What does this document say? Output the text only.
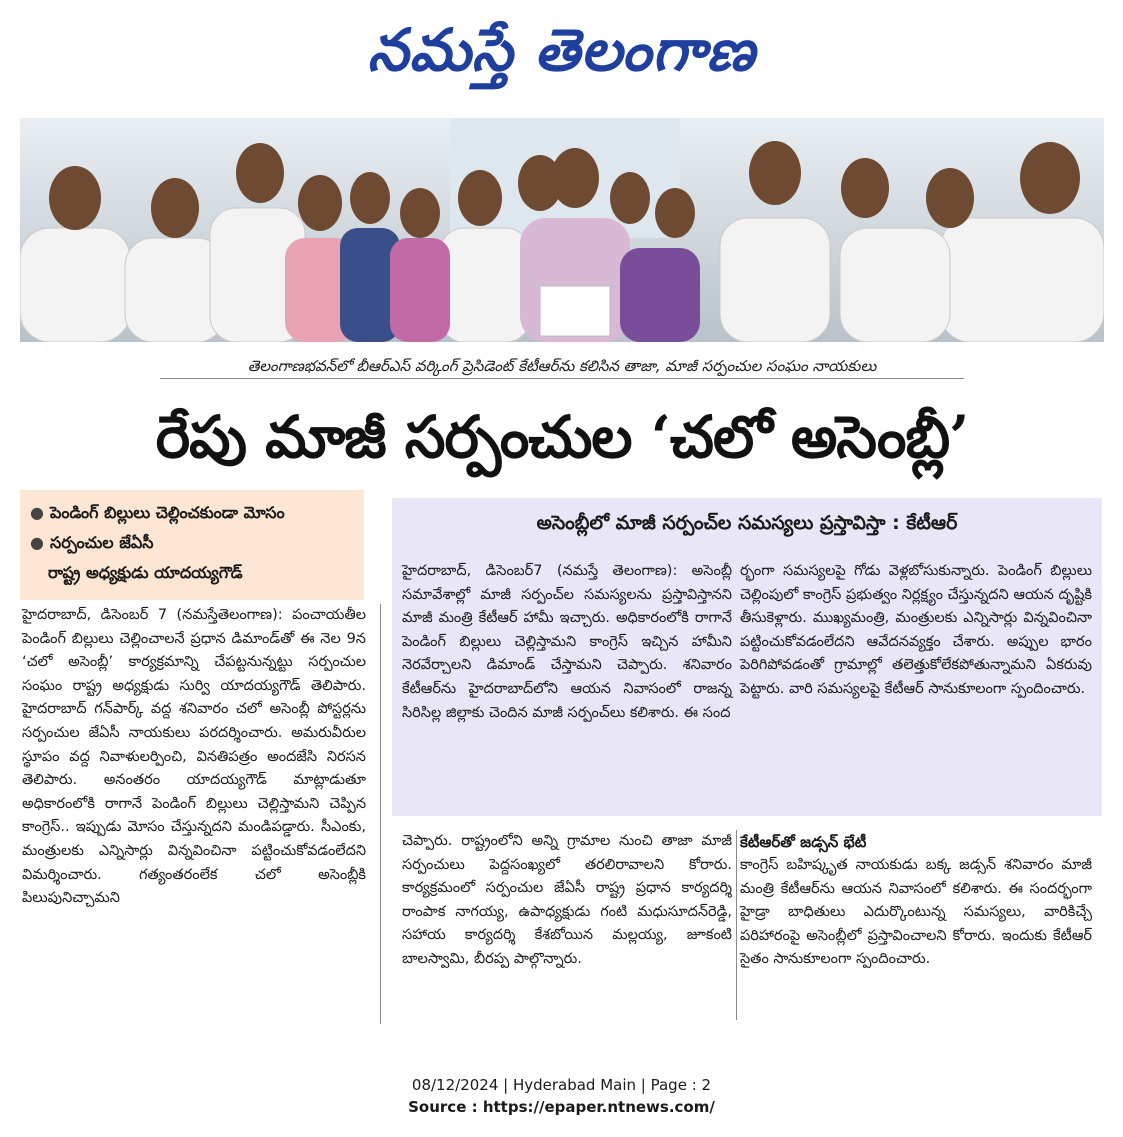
నమస్తే తెలంగాణ
తెలంగాణభవన్‌లో బీఆర్‌ఎస్ వర్కింగ్ ప్రెసిడెంట్ కేటీఆర్‌ను కలిసిన తాజా, మాజీ సర్పంచుల సంఘం నాయకులు
రేపు మాజీ సర్పంచుల ‘చలో అసెంబ్లీ’
● పెండింగ్ బిల్లులు చెల్లించకుండా మోసం
● సర్పంచుల జేఏసీ
రాష్ట్ర అధ్యక్షుడు యాదయ్యగౌడ్
అసెంబ్లీలో మాజీ సర్పంచ్‌ల సమస్యలు ప్రస్తావిస్తా : కేటీఆర్

హైదరాబాద్, డిసెంబర్ 7 (నమస్తేతెలంగాణ): పంచాయతీల పెండింగ్ బిల్లులు చెల్లించాలనే ప్రధాన డిమాండ్‌తో ఈ నెల 9న ‘చలో అసెంబ్లీ’ కార్యక్రమాన్ని చేపట్టనున్నట్టు సర్పంచుల సంఘం రాష్ట్ర అధ్యక్షుడు సుర్వి యాదయ్యగౌడ్ తెలిపారు. హైదరాబాద్ గన్‌పార్క్ వద్ద శనివారం చలో అసెంబ్లీ పోస్టర్లను సర్పంచుల జేఏసీ నాయకులు పరదర్శించారు. అమరువీరుల స్థూపం వద్ద నివాళులర్పించి, వినతిపత్రం అందజేసి నిరసన తెలిపారు. అనంతరం యాదయ్యగౌడ్ మాట్లాడుతూ అధికారంలోకి రాగానే పెండింగ్ బిల్లులు చెల్లిస్తామని చెప్పిన కాంగ్రెస్.. ఇప్పుడు మోసం చేస్తున్నదని మండిపడ్డారు. సీఎంకు, మంత్రులకు ఎన్నిసార్లు విన్నవించినా పట్టించుకోవడంలేదని విమర్శించారు. గత్యంతరంలేక చలో అసెంబ్లీకి పిలుపునిచ్చామని

హైదరాబాద్, డిసెంబర్7 (నమస్తే తెలంగాణ): అసెంబ్లీ సమావేశాల్లో మాజీ సర్పంచ్‌ల సమస్యలను ప్రస్తావిస్తానని మాజీ మంత్రి కేటీఆర్ హామీ ఇచ్చారు. అధికారంలోకి రాగానే పెండింగ్ బిల్లులు చెల్లిస్తామని కాంగ్రెస్ ఇచ్చిన హామీని నెరవేర్చాలని డిమాండ్ చేస్తామని చెప్పారు. శనివారం కేటీఆర్‌ను హైదరాబాద్‌లోని ఆయన నివాసంలో రాజన్న సిరిసిల్ల జిల్లాకు చెందిన మాజీ సర్పంచ్‌లు కలిశారు. ఈ సంద

ర్భంగా సమస్యలపై గోడు వెళ్లబోసుకున్నారు. పెండింగ్ బిల్లులు చెల్లింపులో కాంగ్రెస్ ప్రభుత్వం నిర్లక్ష్యం చేస్తున్నదని ఆయన దృష్టికి తీసుకెళ్లారు. ముఖ్యమంత్రి, మంత్రులకు ఎన్నిసార్లు విన్నవించినా పట్టించుకోవడంలేదని ఆవేదనవ్యక్తం చేశారు. అప్పుల భారం పెరిగిపోవడంతో గ్రామాల్లో తలెత్తుకోలేకపోతున్నామని ఏకరువు పెట్టారు. వారి సమస్యలపై కేటీఆర్ సానుకూలంగా స్పందించారు.

చెప్పారు. రాష్ట్రంలోని అన్ని గ్రామాల నుంచి తాజా మాజీ సర్పంచులు పెద్దసంఖ్యలో తరలిరావాలని కోరారు. కార్యక్రమంలో సర్పంచుల జేఏసీ రాష్ట్ర ప్రధాన కార్యదర్శి రాంపాక నాగయ్య, ఉపాధ్యక్షుడు గంటి మధుసూదన్‌రెడ్డి, సహాయ కార్యదర్శి కేశబోయిన మల్లయ్య, జూకంటి బాలస్వామి, బీరప్ప పాల్గొన్నారు.

కేటీఆర్‌తో జడ్సన్ భేటీ

కాంగ్రెస్ బహిష్కృత నాయకుడు బక్క జడ్సన్ శనివారం మాజీ మంత్రి కేటీఆర్‌ను ఆయన నివాసంలో కలిశారు. ఈ సందర్భంగా హైడ్రా బాధితులు ఎదుర్కొంటున్న సమస్యలు, వారికిచ్చే పరిహారంపై అసెంబ్లీలో ప్రస్తావించాలని కోరారు. ఇందుకు కేటీఆర్ సైతం సానుకూలంగా స్పందించారు.

08/12/2024 | Hyderabad Main | Page : 2
Source : https://epaper.ntnews.com/
